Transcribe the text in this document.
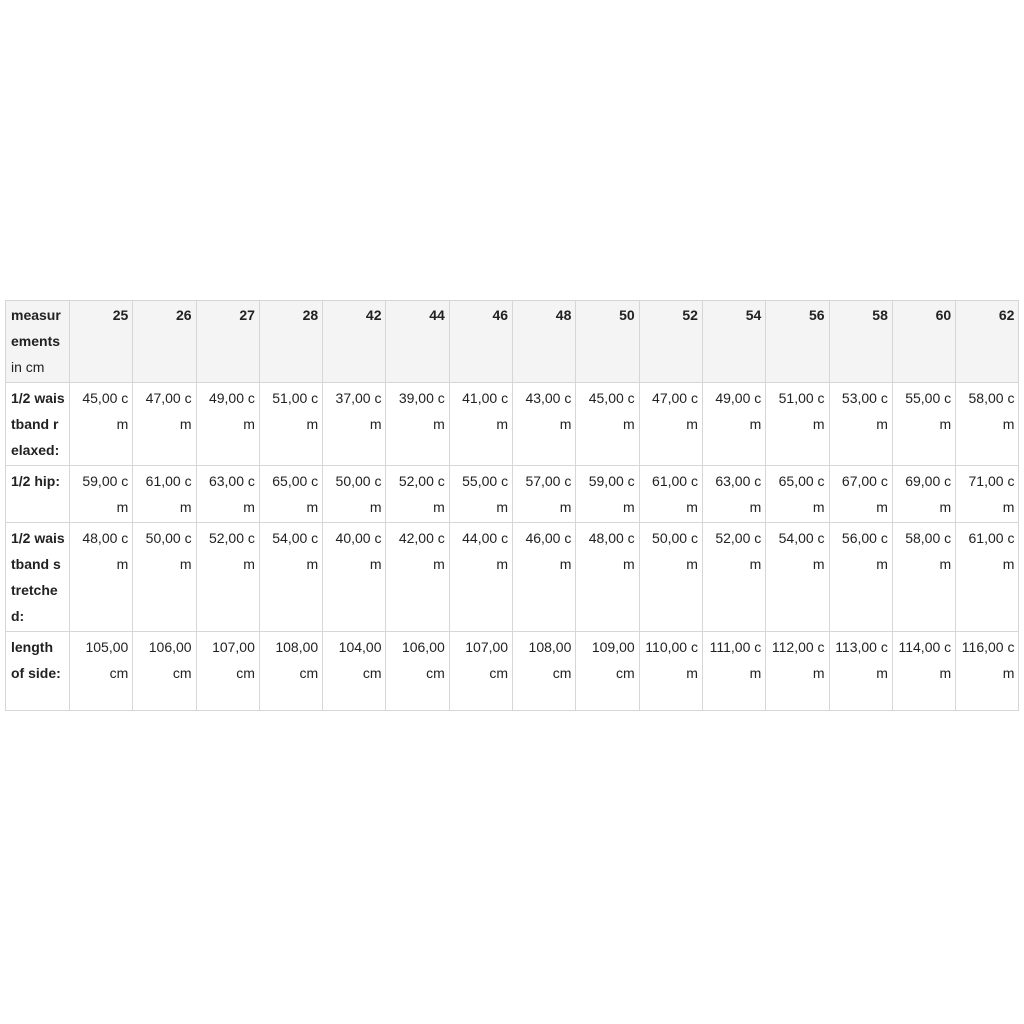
measurements in cm	25	26	27	28	42	44	46	48	50	52	54	56	58	60	62
1/2 waistband relaxed:	45,00 cm	47,00 cm	49,00 cm	51,00 cm	37,00 cm	39,00 cm	41,00 cm	43,00 cm	45,00 cm	47,00 cm	49,00 cm	51,00 cm	53,00 cm	55,00 cm	58,00 cm
1/2 hip:	59,00 cm	61,00 cm	63,00 cm	65,00 cm	50,00 cm	52,00 cm	55,00 cm	57,00 cm	59,00 cm	61,00 cm	63,00 cm	65,00 cm	67,00 cm	69,00 cm	71,00 cm
1/2 waistband stretched:	48,00 cm	50,00 cm	52,00 cm	54,00 cm	40,00 cm	42,00 cm	44,00 cm	46,00 cm	48,00 cm	50,00 cm	52,00 cm	54,00 cm	56,00 cm	58,00 cm	61,00 cm
length of side:	105,00 cm	106,00 cm	107,00 cm	108,00 cm	104,00 cm	106,00 cm	107,00 cm	108,00 cm	109,00 cm	110,00 cm	111,00 cm	112,00 cm	113,00 cm	114,00 cm	116,00 cm
